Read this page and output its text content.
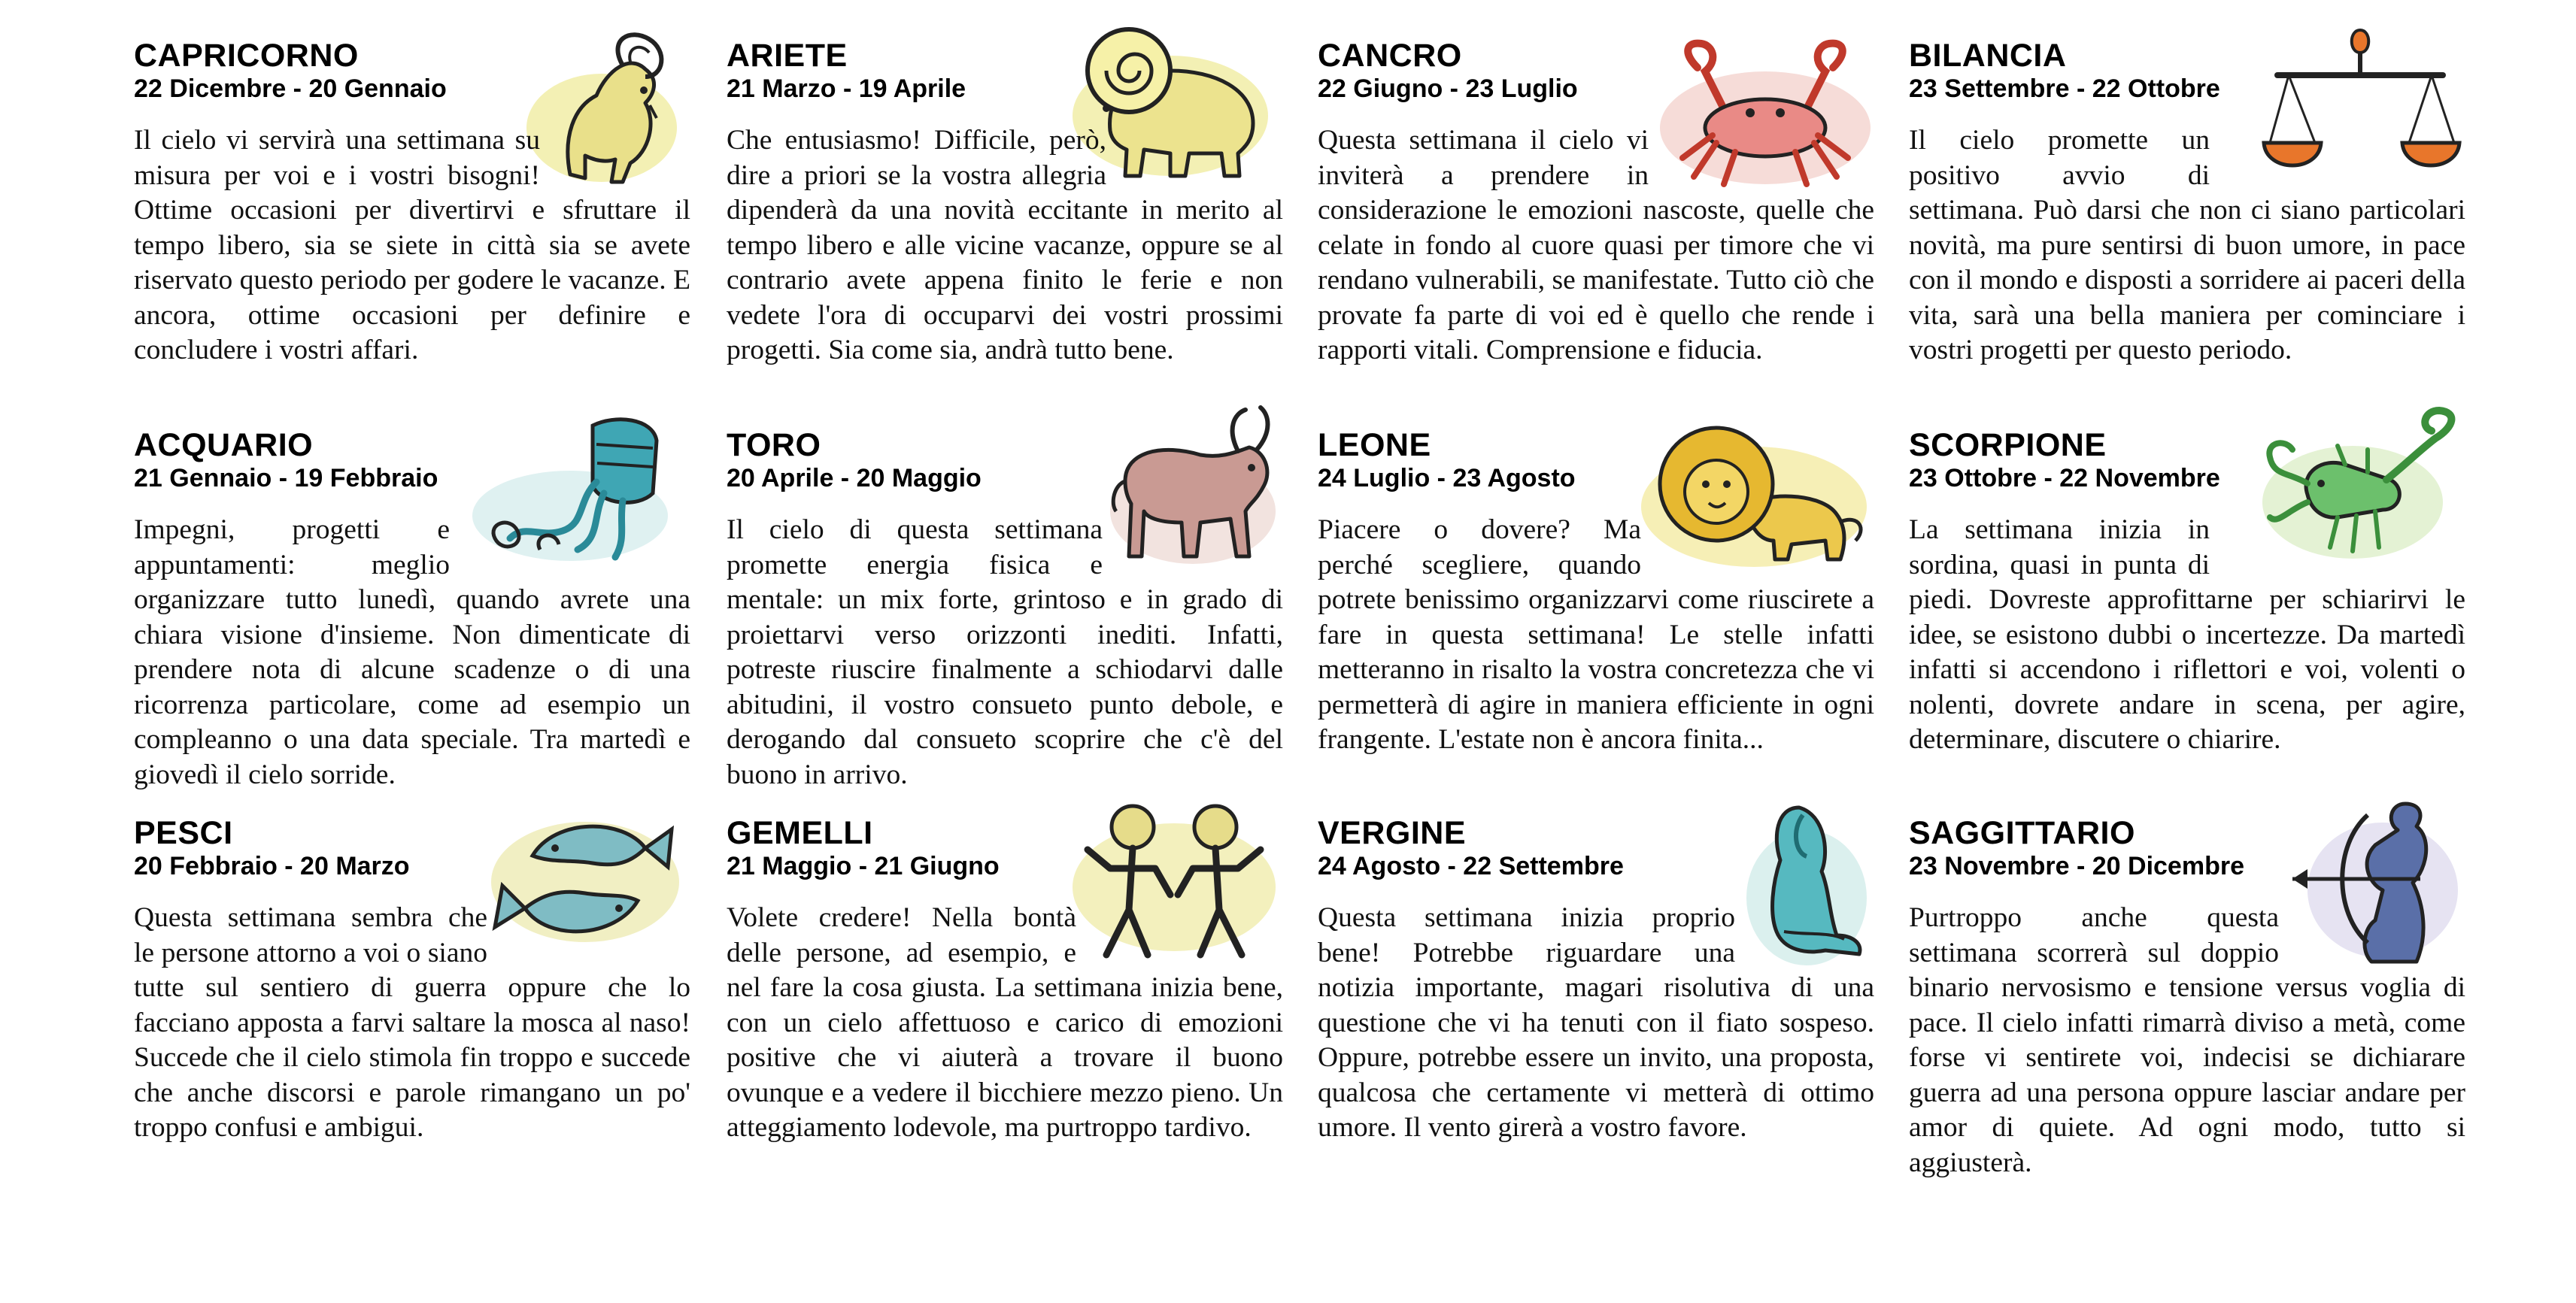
CAPRICORNO
22 Dicembre - 20 Gennaio

Il cielo vi servirà una settimana su misura per voi e i vostri bisogni! Ottime occasioni per divertirvi e sfruttare il tempo libero, sia se siete in città sia se avete riservato questo periodo per godere le vacanze. E ancora, ottime occasioni per definire e concludere i vostri affari.

ARIETE
21 Marzo - 19 Aprile

Che entusiasmo! Difficile, però, dire a priori se la vostra allegria dipenderà da una novità eccitante in merito al tempo libero e alle vicine vacanze, oppure se al contrario avete appena finito le ferie e non vedete l'ora di occuparvi dei vostri prossimi progetti. Sia come sia, andrà tutto bene.

CANCRO
22 Giugno - 23 Luglio

Questa settimana il cielo vi inviterà a prendere in considerazione le emozioni nascoste, quelle che celate in fondo al cuore quasi per timore che vi rendano vulnerabili, se manifestate. Tutto ciò che provate fa parte di voi ed è quello che rende i rapporti vitali. Comprensione e fiducia.

BILANCIA
23 Settembre - 22 Ottobre

Il cielo promette un positivo avvio di settimana. Può darsi che non ci siano particolari novità, ma pure sentirsi di buon umore, in pace con il mondo e disposti a sorridere ai paceri della vita, sarà una bella maniera per cominciare i vostri progetti per questo periodo.

ACQUARIO
21 Gennaio - 19 Febbraio

Impegni, progetti e appuntamenti: meglio organizzare tutto lunedì, quando avrete una chiara visione d'insieme. Non dimenticate di prendere nota di alcune scadenze o di una ricorrenza particolare, come ad esempio un compleanno o una data speciale. Tra martedì e giovedì il cielo sorride.

TORO
20 Aprile - 20 Maggio

Il cielo di questa settimana promette energia fisica e mentale: un mix forte, grintoso e in grado di proiettarvi verso orizzonti inediti. Infatti, potreste riuscire finalmente a schiodarvi dalle abitudini, il vostro consueto punto debole, e derogando dal consueto scoprire che c'è del buono in arrivo.

LEONE
24 Luglio - 23 Agosto

Piacere o dovere? Ma perché scegliere, quando potrete benissimo organizzarvi come riuscirete a fare in questa settimana! Le stelle infatti metteranno in risalto la vostra concretezza che vi permetterà di agire in maniera efficiente in ogni frangente. L'estate non è ancora finita...

SCORPIONE
23 Ottobre - 22 Novembre

La settimana inizia in sordina, quasi in punta di piedi. Dovreste approfittarne per schiarirvi le idee, se esistono dubbi o incertezze. Da martedì infatti si accendono i riflettori e voi, volenti o nolenti, dovrete andare in scena, per agire, determinare, discutere o chiarire.

PESCI
20 Febbraio - 20 Marzo

Questa settimana sembra che le persone attorno a voi o siano tutte sul sentiero di guerra oppure che lo facciano apposta a farvi saltare la mosca al naso! Succede che il cielo stimola fin troppo e succede che anche discorsi e parole rimangano un po' troppo confusi e ambigui.

GEMELLI
21 Maggio - 21 Giugno

Volete credere! Nella bontà delle persone, ad esempio, e nel fare la cosa giusta. La settimana inizia bene, con un cielo affettuoso e carico di emozioni positive che vi aiuterà a trovare il buono ovunque e a vedere il bicchiere mezzo pieno. Un atteggiamento lodevole, ma purtroppo tardivo.

VERGINE
24 Agosto - 22 Settembre

Questa settimana inizia proprio bene! Potrebbe riguardare una notizia importante, magari risolutiva di una questione che vi ha tenuti con il fiato sospeso. Oppure, potrebbe essere un invito, una proposta, qualcosa che certamente vi metterà di ottimo umore. Il vento girerà a vostro favore.

SAGGITTARIO
23 Novembre - 20 Dicembre

Purtroppo anche questa settimana scorrerà sul doppio binario nervosismo e tensione versus voglia di pace. Il cielo infatti rimarrà diviso a metà, come forse vi sentirete voi, indecisi se dichiarare guerra ad una persona oppure lasciar andare per amor di quiete. Ad ogni modo, tutto si aggiusterà.
